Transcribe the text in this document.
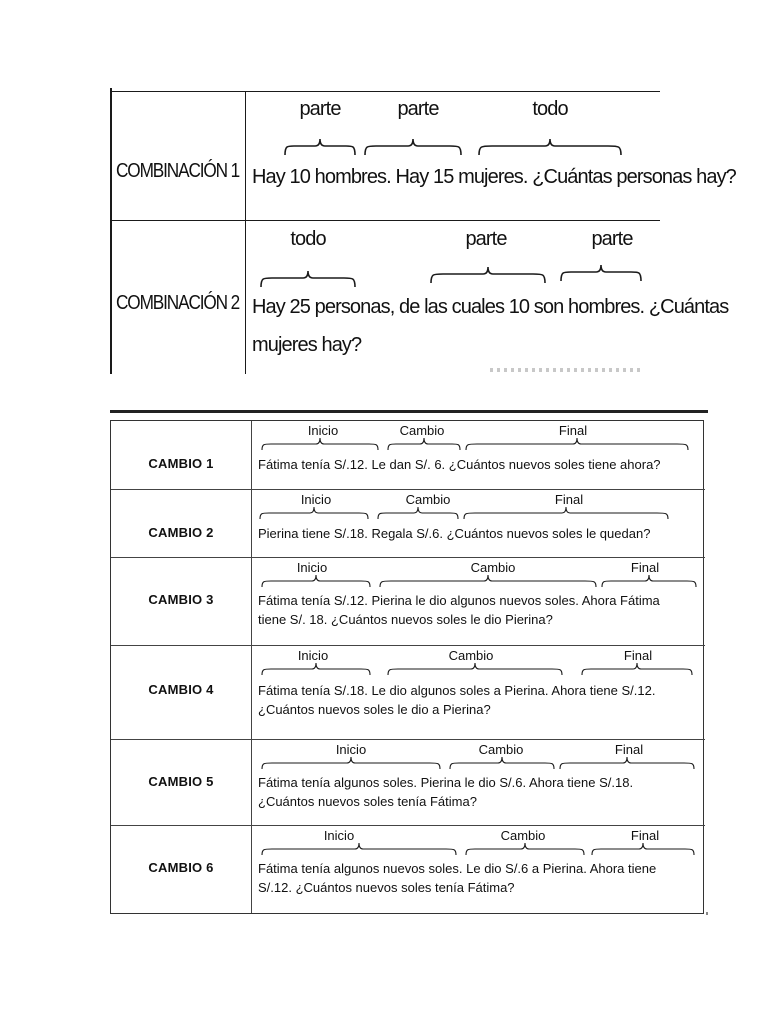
COMBINACIÓN 1
parte	parte	todo
Hay 10 hombres. Hay 15 mujeres. ¿Cuántas personas hay?
COMBINACIÓN 2
todo	parte	parte
Hay 25 personas, de las cuales 10 son hombres. ¿Cuántas
mujeres hay?
CAMBIO 1
Inicio	Cambio	Final
Fátima tenía S/.12. Le dan S/. 6. ¿Cuántos nuevos soles tiene ahora?
CAMBIO 2
Inicio	Cambio	Final
Pierina tiene S/.18. Regala S/.6. ¿Cuántos nuevos soles le quedan?
CAMBIO 3
Inicio	Cambio	Final
Fátima tenía S/.12. Pierina le dio algunos nuevos soles. Ahora Fátima
tiene S/. 18. ¿Cuántos nuevos soles le dio Pierina?
CAMBIO 4
Inicio	Cambio	Final
Fátima tenía S/.18. Le dio algunos soles a Pierina. Ahora tiene S/.12.
¿Cuántos nuevos soles le dio a Pierina?
CAMBIO 5
Inicio	Cambio	Final
Fátima tenía algunos soles. Pierina le dio S/.6. Ahora tiene S/.18.
¿Cuántos nuevos soles tenía Fátima?
CAMBIO 6
Inicio	Cambio	Final
Fátima tenía algunos nuevos soles. Le dio S/.6 a Pierina. Ahora tiene
S/.12. ¿Cuántos nuevos soles tenía Fátima?
